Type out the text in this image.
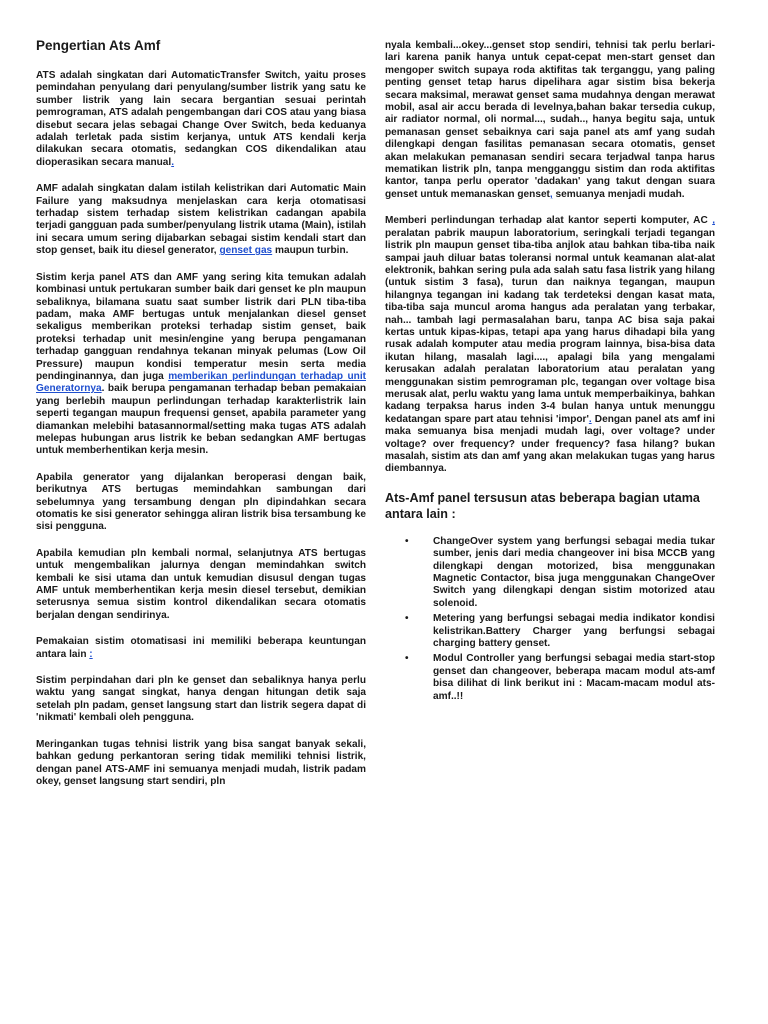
Pengertian Ats Amf

ATS adalah singkatan dari AutomaticTransfer Switch, yaitu proses pemindahan penyulang dari penyulang/sumber listrik yang satu ke sumber listrik yang lain secara bergantian sesuai perintah pemrograman, ATS adalah pengembangan dari COS atau yang biasa disebut secara jelas sebagai Change Over Switch, beda keduanya adalah terletak pada sistim kerjanya, untuk ATS kendali kerja dilakukan secara otomatis, sedangkan COS dikendalikan atau dioperasikan secara manual.

AMF adalah singkatan dalam istilah kelistrikan dari Automatic Main Failure yang maksudnya menjelaskan cara kerja otomatisasi terhadap sistem terhadap sistem kelistrikan cadangan apabila terjadi gangguan pada sumber/penyulang listrik utama (Main), istilah ini secara umum sering dijabarkan sebagai sistim kendali start dan stop genset, baik itu diesel generator, genset gas maupun turbin.

Sistim kerja panel ATS dan AMF yang sering kita temukan adalah kombinasi untuk pertukaran sumber baik dari genset ke pln maupun sebaliknya, bilamana suatu saat sumber listrik dari PLN tiba-tiba padam, maka AMF bertugas untuk menjalankan diesel genset sekaligus memberikan proteksi terhadap sistim genset, baik proteksi terhadap unit mesin/engine yang berupa pengamanan terhadap gangguan rendahnya tekanan minyak pelumas (Low Oil Pressure) maupun kondisi temperatur mesin serta media pendinginannya, dan juga memberikan perlindungan terhadap unit Generatornya. baik berupa pengamanan terhadap beban pemakaian yang berlebih maupun perlindungan terhadap karakterlistrik lain seperti tegangan maupun frequensi genset, apabila parameter yang diamankan melebihi batasannormal/setting maka tugas ATS adalah melepas hubungan arus listrik ke beban sedangkan AMF bertugas untuk memberhentikan kerja mesin.

Apabila generator yang dijalankan beroperasi dengan baik, berikutnya ATS bertugas memindahkan sambungan dari sebelumnya yang tersambung dengan pln dipindahkan secara otomatis ke sisi generator sehingga aliran listrik bisa tersambung ke sisi pengguna.

Apabila kemudian pln kembali normal, selanjutnya ATS bertugas untuk mengembalikan jalurnya dengan memindahkan switch kembali ke sisi utama dan untuk kemudian disusul dengan tugas AMF untuk memberhentikan kerja mesin diesel tersebut, demikian seterusnya semua sistim kontrol dikendalikan secara otomatis berjalan dengan sendirinya.

Pemakaian sistim otomatisasi ini memiliki beberapa keuntungan antara lain :

Sistim perpindahan dari pln ke genset dan sebaliknya hanya perlu waktu yang sangat singkat, hanya dengan hitungan detik saja setelah pln padam, genset langsung start dan listrik segera dapat di 'nikmati' kembali oleh pengguna.

Meringankan tugas tehnisi listrik yang bisa sangat banyak sekali, bahkan gedung perkantoran sering tidak memiliki tehnisi listrik, dengan panel ATS-AMF ini semuanya menjadi mudah, listrik padam okey, genset langsung start sendiri, pln

nyala kembali...okey...genset stop sendiri, tehnisi tak perlu berlari-lari karena panik hanya untuk cepat-cepat men-start genset dan mengoper switch supaya roda aktifitas tak terganggu, yang paling penting genset tetap harus dipelihara agar sistim bisa bekerja secara maksimal, merawat genset sama mudahnya dengan merawat mobil, asal air accu berada di levelnya,bahan bakar tersedia cukup, air radiator normal, oli normal..., sudah.., hanya begitu saja, untuk pemanasan genset sebaiknya cari saja panel ats amf yang sudah dilengkapi dengan fasilitas pemanasan secara otomatis, genset akan melakukan pemanasan sendiri secara terjadwal tanpa harus mematikan listrik pln, tanpa mengganggu sistim dan roda aktifitas kantor, tanpa perlu operator 'dadakan' yang takut dengan suara genset untuk memanaskan genset, semuanya menjadi mudah.

Memberi perlindungan terhadap alat kantor seperti komputer, AC , peralatan pabrik maupun laboratorium, seringkali terjadi tegangan listrik pln maupun genset tiba-tiba anjlok atau bahkan tiba-tiba naik sampai jauh diluar batas toleransi normal untuk keamanan alat-alat elektronik, bahkan sering pula ada salah satu fasa listrik yang hilang (untuk sistim 3 fasa), turun dan naiknya tegangan, maupun hilangnya tegangan ini kadang tak terdeteksi dengan kasat mata, tiba-tiba saja muncul aroma hangus ada peralatan yang terbakar, nah... tambah lagi permasalahan baru, tanpa AC bisa saja pakai kertas untuk kipas-kipas, tetapi apa yang harus dihadapi bila yang rusak adalah komputer atau media program lainnya, bisa-bisa data ikutan hilang, masalah lagi...., apalagi bila yang mengalami kerusakan adalah peralatan laboratorium atau peralatan yang menggunakan sistim pemrograman plc, tegangan over voltage bisa merusak alat, perlu waktu yang lama untuk memperbaikinya, bahkan kadang terpaksa harus inden 3-4 bulan hanya untuk menunggu kedatangan spare part atau tehnisi 'impor'. Dengan panel ats amf ini maka semuanya bisa menjadi mudah lagi, over voltage? under voltage? over frequency? under frequency? fasa hilang? bukan masalah, sistim ats dan amf yang akan melakukan tugas yang harus diembannya.

Ats-Amf panel tersusun atas beberapa bagian utama antara lain :
• ChangeOver system yang berfungsi sebagai media tukar sumber, jenis dari media changeover ini bisa MCCB yang dilengkapi dengan motorized, bisa menggunakan Magnetic Contactor, bisa juga menggunakan ChangeOver Switch yang dilengkapi dengan sistim motorized atau solenoid.
• Metering yang berfungsi sebagai media indikator kondisi kelistrikan.Battery Charger yang berfungsi sebagai charging battery genset.
• Modul Controller yang berfungsi sebagai media start-stop genset dan changeover, beberapa macam modul ats-amf bisa dilihat di link berikut ini : Macam-macam modul ats-amf..!!
